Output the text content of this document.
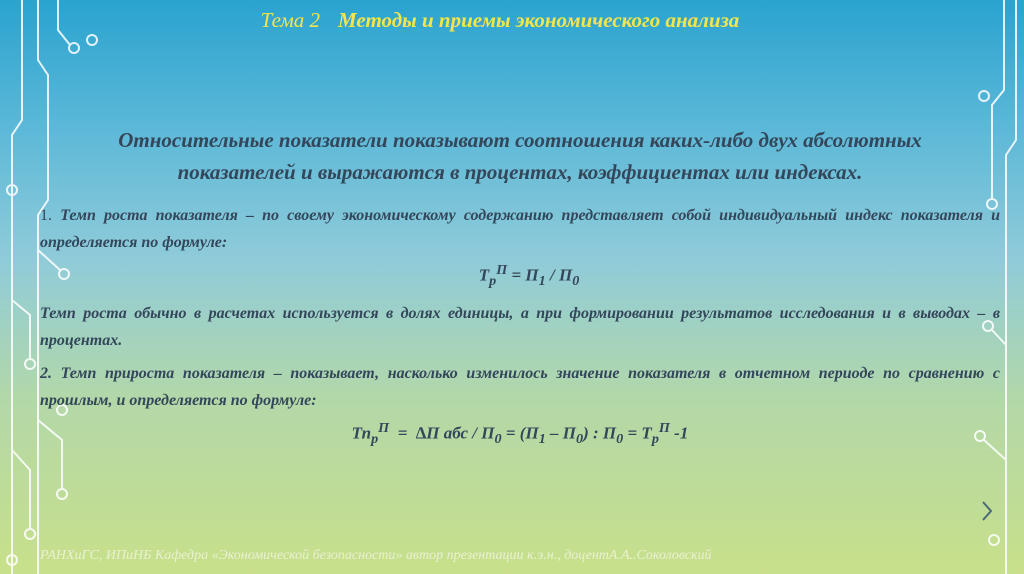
Тема 2 Методы и приемы экономического анализа
Относительные показатели показывают соотношения каких-либо двух абсолютных показателей и выражаются в процентах, коэффициентах или индексах.

1. Темп роста показателя – по своему экономическому содержанию представляет собой индивидуальный индекс показателя и определяется по формуле:

$Т_р^П = П_1 / П_0$

Темп роста обычно в расчетах используется в долях единицы, а при формировании результатов исследования и в выводах – в процентах.

2. Темп прироста показателя – показывает, насколько изменилось значение показателя в отчетном периоде по сравнению с прошлым, и определяется по формуле:

$Тп_р^П = \Delta П$ абс / $П_0 = (П_1 - П_0)$ : $П_0 = Т_р^П$ -1
РАНХиГС, ИПиНБ Кафедра «Экономической безопасности» автор презентации к.э.н., доцентА.А..Соколовский
